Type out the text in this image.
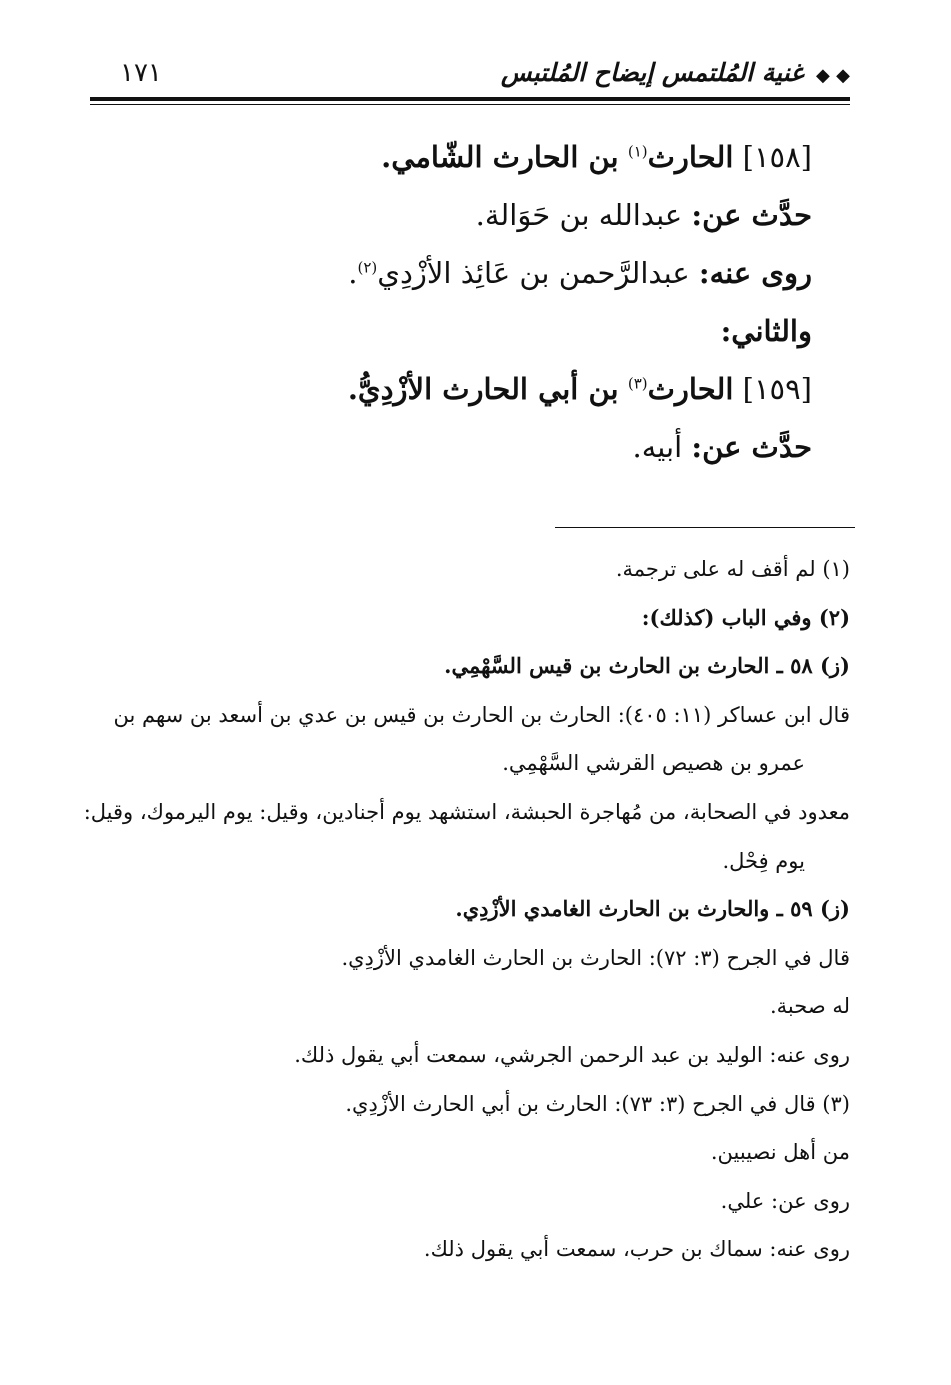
◆ ◆ غنية المُلتمس إيضاح المُلتبس
١٧١
[١٥٨] الحارث$^{(١)}$ بن الحارث الشّامي.
حدَّث عن: عبدالله بن حَوَالة.
روى عنه: عبدالرَّحمن بن عَائِذ الأزْدِي$^{(٢)}$.
والثاني:
[١٥٩] الحارث$^{(٣)}$ بن أبي الحارث الأزْدِيُّ.
حدَّث عن: أبيه.
(١) لم أقف له على ترجمة.
(٢) وفي الباب (كذلك):
(ز) ٥٨ ـ الحارث بن الحارث بن قيس السَّهْمِي.
قال ابن عساكر (١١: ٤٠٥): الحارث بن الحارث بن قيس بن عدي بن أسعد بن سهم بن
عمرو بن هصيص القرشي السَّهْمِي.
معدود في الصحابة، من مُهاجرة الحبشة، استشهد يوم أجنادين، وقيل: يوم اليرموك، وقيل:
يوم فِحْل.
(ز) ٥٩ ـ والحارث بن الحارث الغامدي الأزْدِي.
قال في الجرح (٣: ٧٢): الحارث بن الحارث الغامدي الأزْدِي.
له صحبة.
روى عنه: الوليد بن عبد الرحمن الجرشي، سمعت أبي يقول ذلك.
(٣) قال في الجرح (٣: ٧٣): الحارث بن أبي الحارث الأزْدِي.
من أهل نصيبين.
روى عن: علي.
روى عنه: سماك بن حرب، سمعت أبي يقول ذلك.
